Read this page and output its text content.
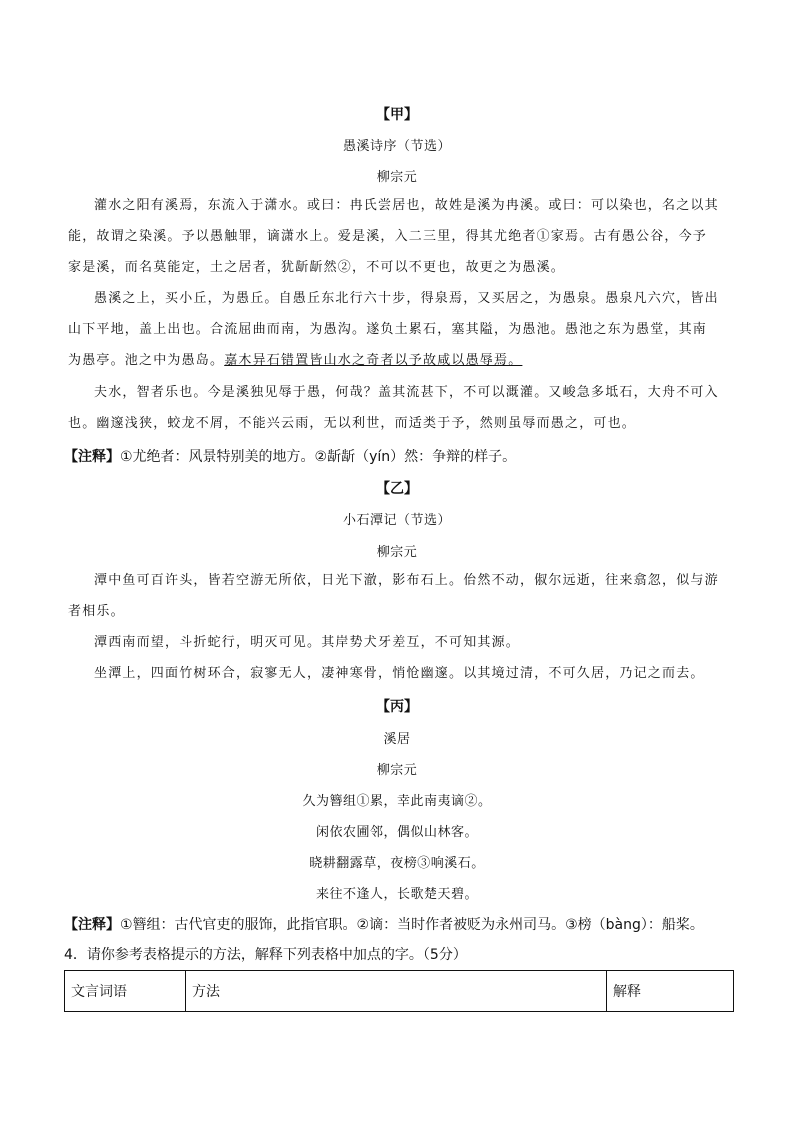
【甲】
愚溪诗序（节选）
柳宗元

灌水之阳有溪焉，东流入于潇水。或曰：冉氏尝居也，故姓是溪为冉溪。或曰：可以染也，名之以其能，故谓之染溪。予以愚触罪，谪潇水上。爱是溪，入二三里，得其尤绝者①家焉。古有愚公谷，今予家是溪，而名莫能定，土之居者，犹龂龂然②，不可以不更也，故更之为愚溪。

愚溪之上，买小丘，为愚丘。自愚丘东北行六十步，得泉焉，又买居之，为愚泉。愚泉凡六穴，皆出山下平地，盖上出也。合流屈曲而南，为愚沟。遂负土累石，塞其隘，为愚池。愚池之东为愚堂，其南为愚亭。池之中为愚岛。嘉木异石错置皆山水之奇者以予故咸以愚辱焉。

夫水，智者乐也。今是溪独见辱于愚，何哉？盖其流甚下，不可以溉灌。又峻急多坻石，大舟不可入也。幽邃浅狭，蛟龙不屑，不能兴云雨，无以利世，而适类于予，然则虽辱而愚之，可也。

【注释】①尤绝者：风景特别美的地方。②龂龂（yín）然：争辩的样子。
【乙】
小石潭记（节选）
柳宗元

潭中鱼可百许头，皆若空游无所依，日光下澈，影布石上。佁然不动，俶尔远逝，往来翕忽，似与游者相乐。

潭西南而望，斗折蛇行，明灭可见。其岸势犬牙差互，不可知其源。

坐潭上，四面竹树环合，寂寥无人，凄神寒骨，悄怆幽邃。以其境过清，不可久居，乃记之而去。

【丙】
溪居
柳宗元
久为簪组①累，幸此南夷谪②。
闲依农圃邻，偶似山林客。
晓耕翻露草，夜榜③响溪石。
来往不逢人，长歌楚天碧。
【注释】①簪组：古代官吏的服饰，此指官职。②谪：当时作者被贬为永州司马。③榜（bàng）：船桨。
4．请你参考表格提示的方法，解释下列表格中加点的字。（5分）
文言词语	方法	解释
